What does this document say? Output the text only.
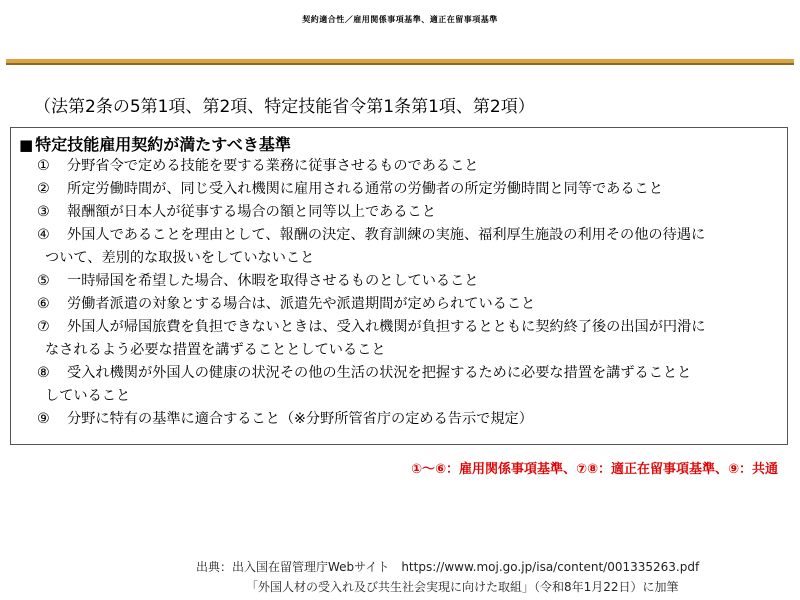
契約適合性／雇用関係事項基準、適正在留事項基準
（法第2条の5第1項、第2項、特定技能省令第1条第1項、第2項）
■ 特定技能雇用契約が満たすべき基準
① 分野省令で定める技能を要する業務に従事させるものであること
② 所定労働時間が、同じ受入れ機関に雇用される通常の労働者の所定労働時間と同等であること
③ 報酬額が日本人が従事する場合の額と同等以上であること
④ 外国人であることを理由として、報酬の決定、教育訓練の実施、福利厚生施設の利用その他の待遇に
ついて、差別的な取扱いをしていないこと
⑤ 一時帰国を希望した場合、休暇を取得させるものとしていること
⑥ 労働者派遣の対象とする場合は、派遣先や派遣期間が定められていること
⑦ 外国人が帰国旅費を負担できないときは、受入れ機関が負担するとともに契約終了後の出国が円滑に
なされるよう必要な措置を講ずることとしていること
⑧ 受入れ機関が外国人の健康の状況その他の生活の状況を把握するために必要な措置を講ずることと
していること
⑨ 分野に特有の基準に適合すること（※分野所管省庁の定める告示で規定）
①～⑥：雇用関係事項基準、⑦⑧：適正在留事項基準、⑨：共通
出典：出入国在留管理庁Webサイト　https://www.moj.go.jp/isa/content/001335263.pdf
「外国人材の受入れ及び共生社会実現に向けた取組」（令和8年1月22日）に加筆
